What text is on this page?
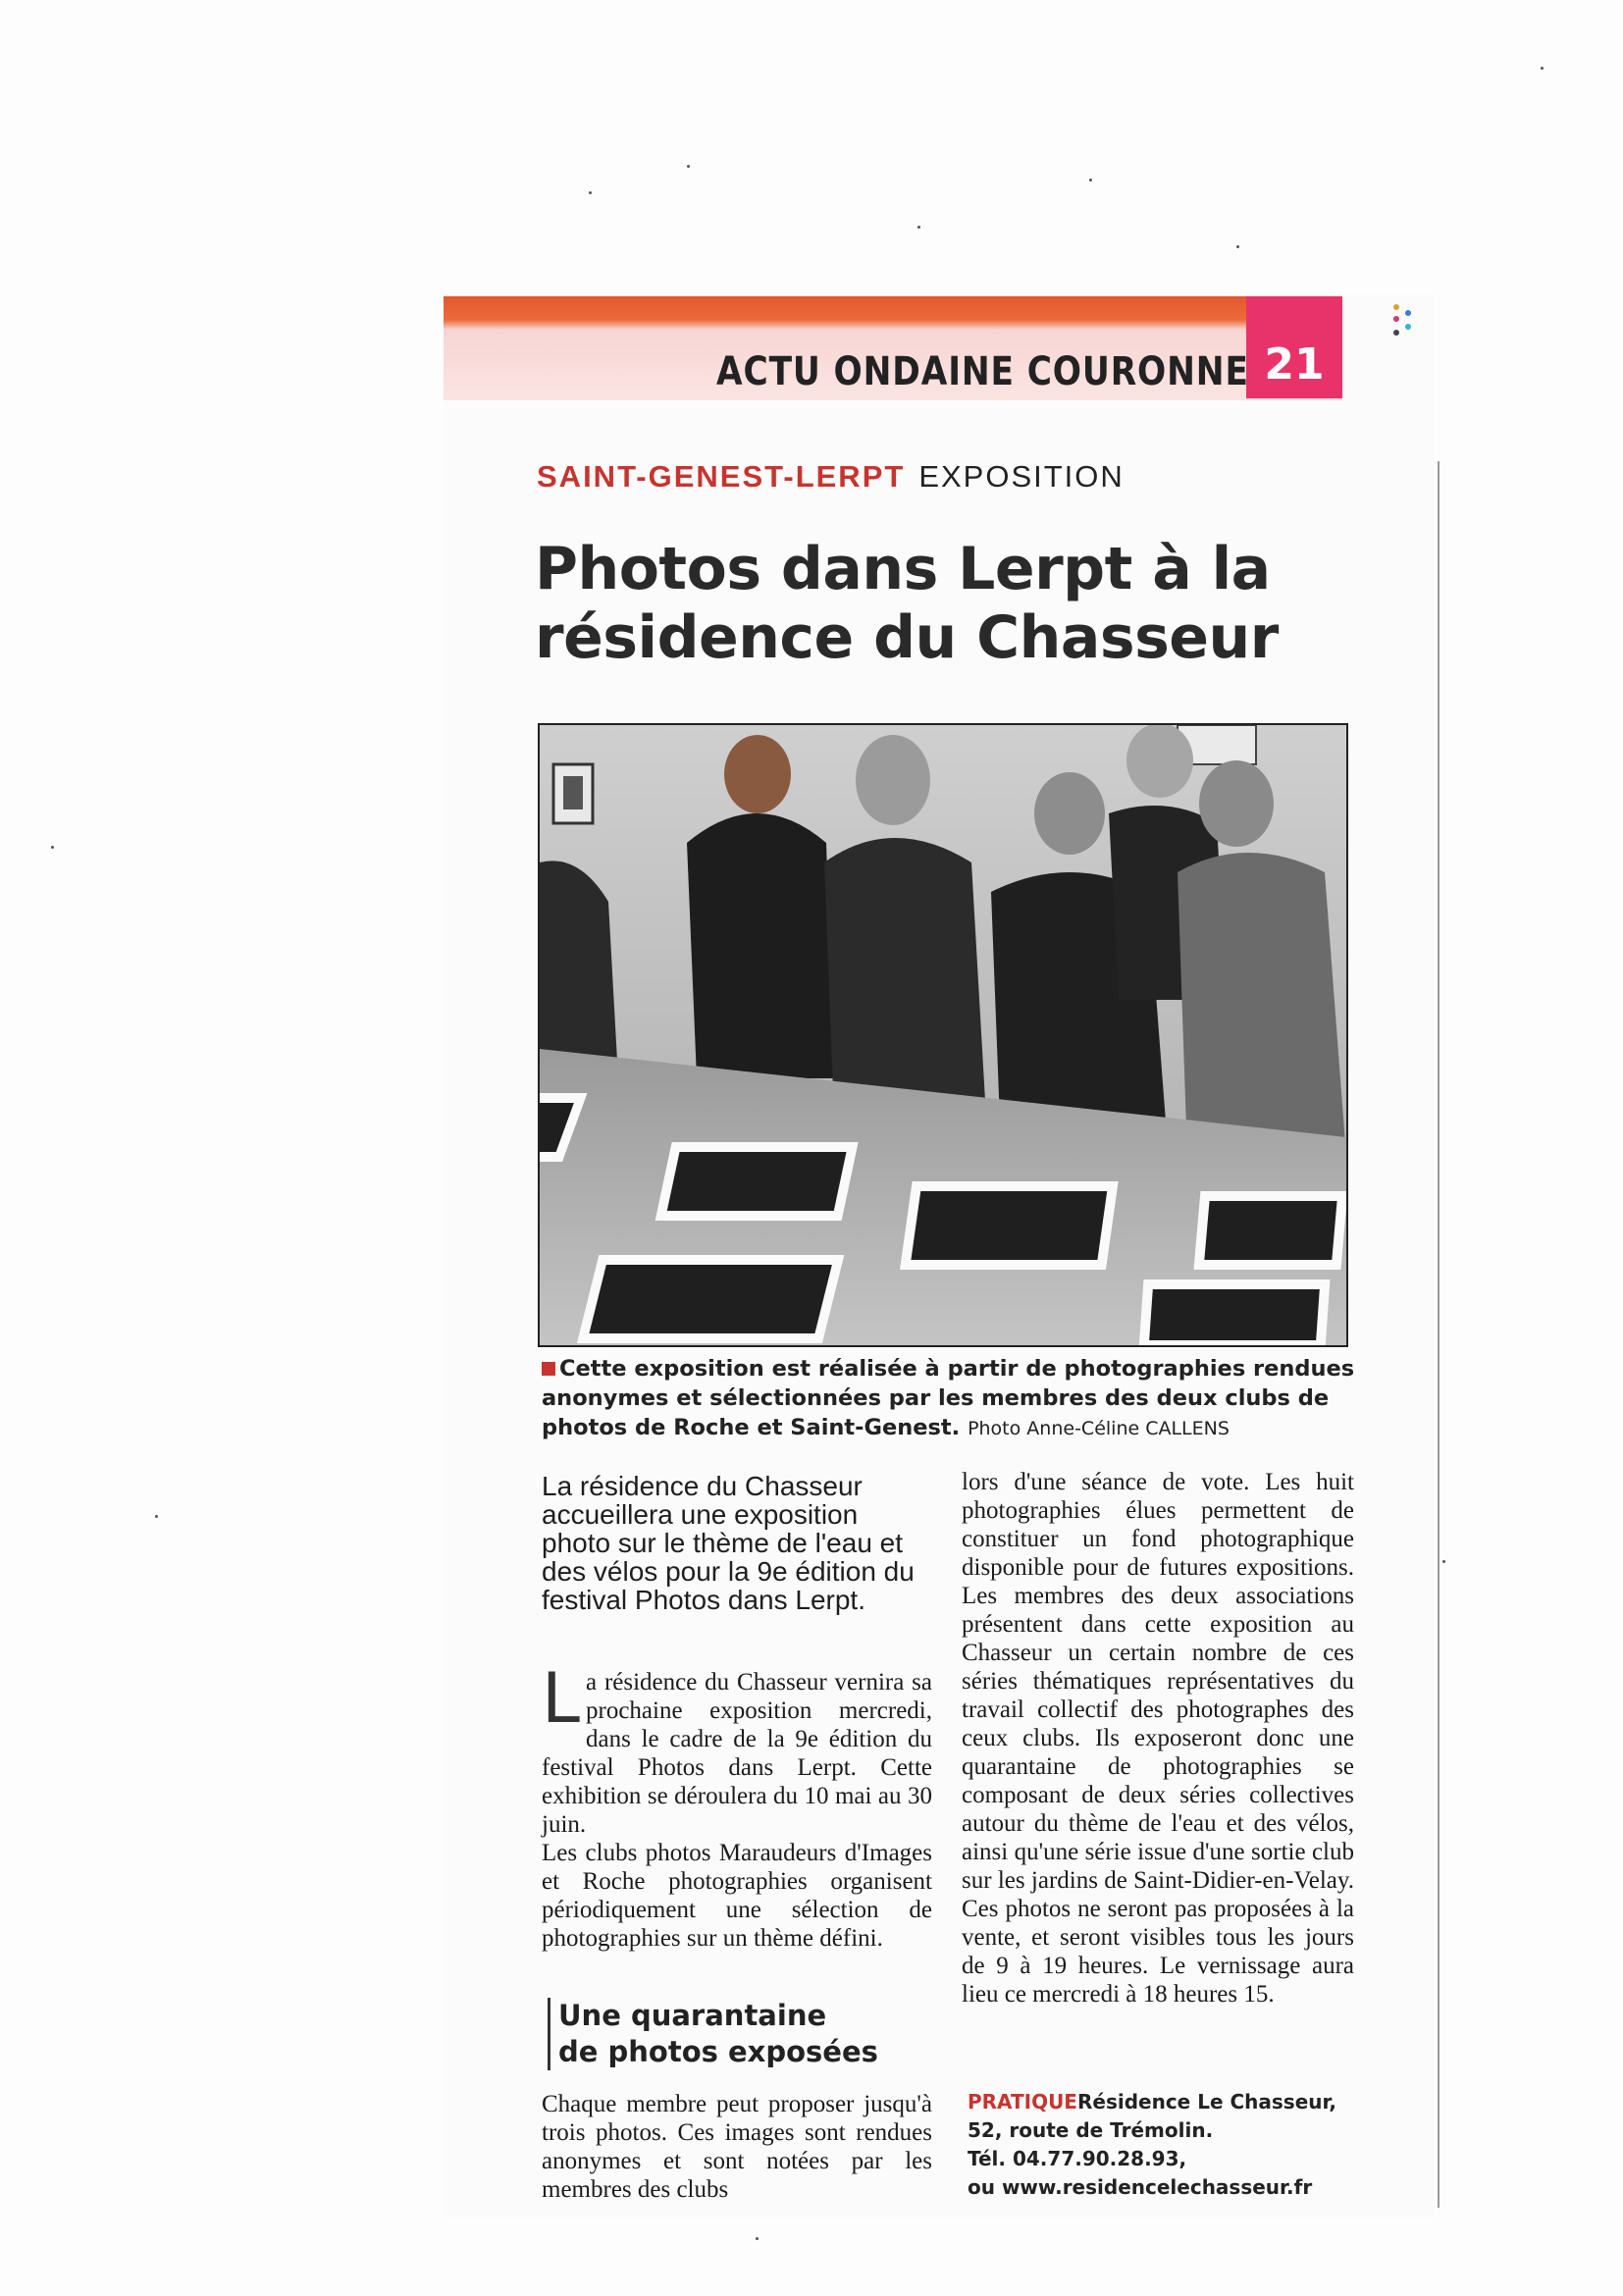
21
ACTU ONDAINE COURONNE
SAINT-GENEST-LERPT EXPOSITION
Photos dans Lerpt à la
résidence du Chasseur
Cette exposition est réalisée à partir de photographies rendues anonymes et sélectionnées par les membres des deux clubs de photos de Roche et Saint-Genest. Photo Anne-Céline CALLENS
La résidence du Chasseur accueillera une exposition photo sur le thème de l'eau et des vélos pour la 9e édition du festival Photos dans Lerpt.
La résidence du Chasseur vernira sa prochaine exposition mercredi, dans le cadre de la 9e édition du festival Photos dans Lerpt. Cette exhibition se déroulera du 10 mai au 30 juin.
Les clubs photos Maraudeurs d'Images et Roche photographies organisent périodiquement une sélection de photographies sur un thème défini.
Une quarantaine
de photos exposées
Chaque membre peut proposer jusqu'à trois photos. Ces images sont rendues anonymes et sont notées par les membres des clubs
lors d'une séance de vote. Les huit photographies élues permettent de constituer un fond photographique disponible pour de futures expositions. Les membres des deux associations présentent dans cette exposition au Chasseur un certain nombre de ces séries thématiques représentatives du travail collectif des photographes des ceux clubs. Ils exposeront donc une quarantaine de photographies se composant de deux séries collectives autour du thème de l'eau et des vélos, ainsi qu'une série issue d'une sortie club sur les jardins de Saint-Didier-en-Velay. Ces photos ne seront pas proposées à la vente, et seront visibles tous les jours de 9 à 19 heures. Le vernissage aura lieu ce mercredi à 18 heures 15.
PRATIQUERésidence Le Chasseur,
52, route de Trémolin.
Tél. 04.77.90.28.93,
ou www.residencelechasseur.fr
